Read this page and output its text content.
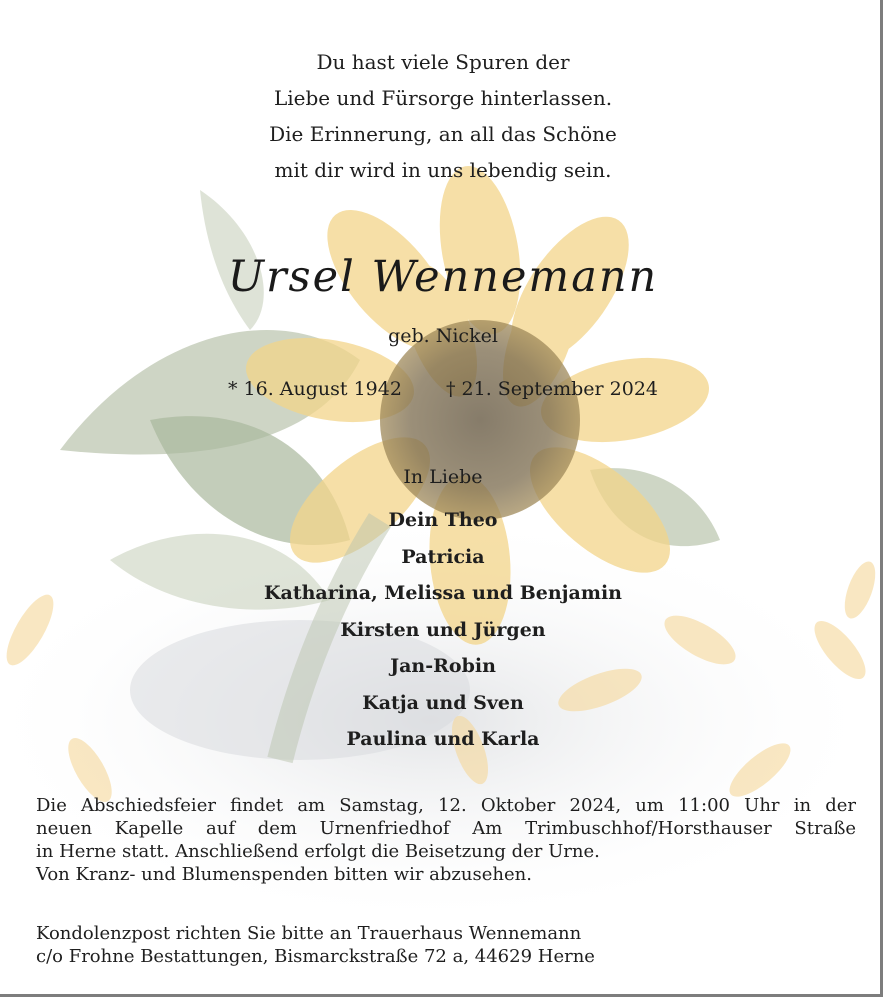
Du hast viele Spuren der
Liebe und Fürsorge hinterlassen.
Die Erinnerung, an all das Schöne
mit dir wird in uns lebendig sein.
Ursel Wennemann
geb. Nickel
* 16. August 1942 † 21. September 2024
In Liebe
Dein Theo
Patricia
Katharina, Melissa und Benjamin
Kirsten und Jürgen
Jan-Robin
Katja und Sven
Paulina und Karla
Die Abschiedsfeier findet am Samstag, 12. Oktober 2024, um 11:00 Uhr in der
neuen Kapelle auf dem Urnenfriedhof Am Trimbuschhof/Horsthauser Straße
in Herne statt. Anschließend erfolgt die Beisetzung der Urne.
Von Kranz- und Blumenspenden bitten wir abzusehen.
Kondolenzpost richten Sie bitte an Trauerhaus Wennemann
c/o Frohne Bestattungen, Bismarckstraße 72 a, 44629 Herne
